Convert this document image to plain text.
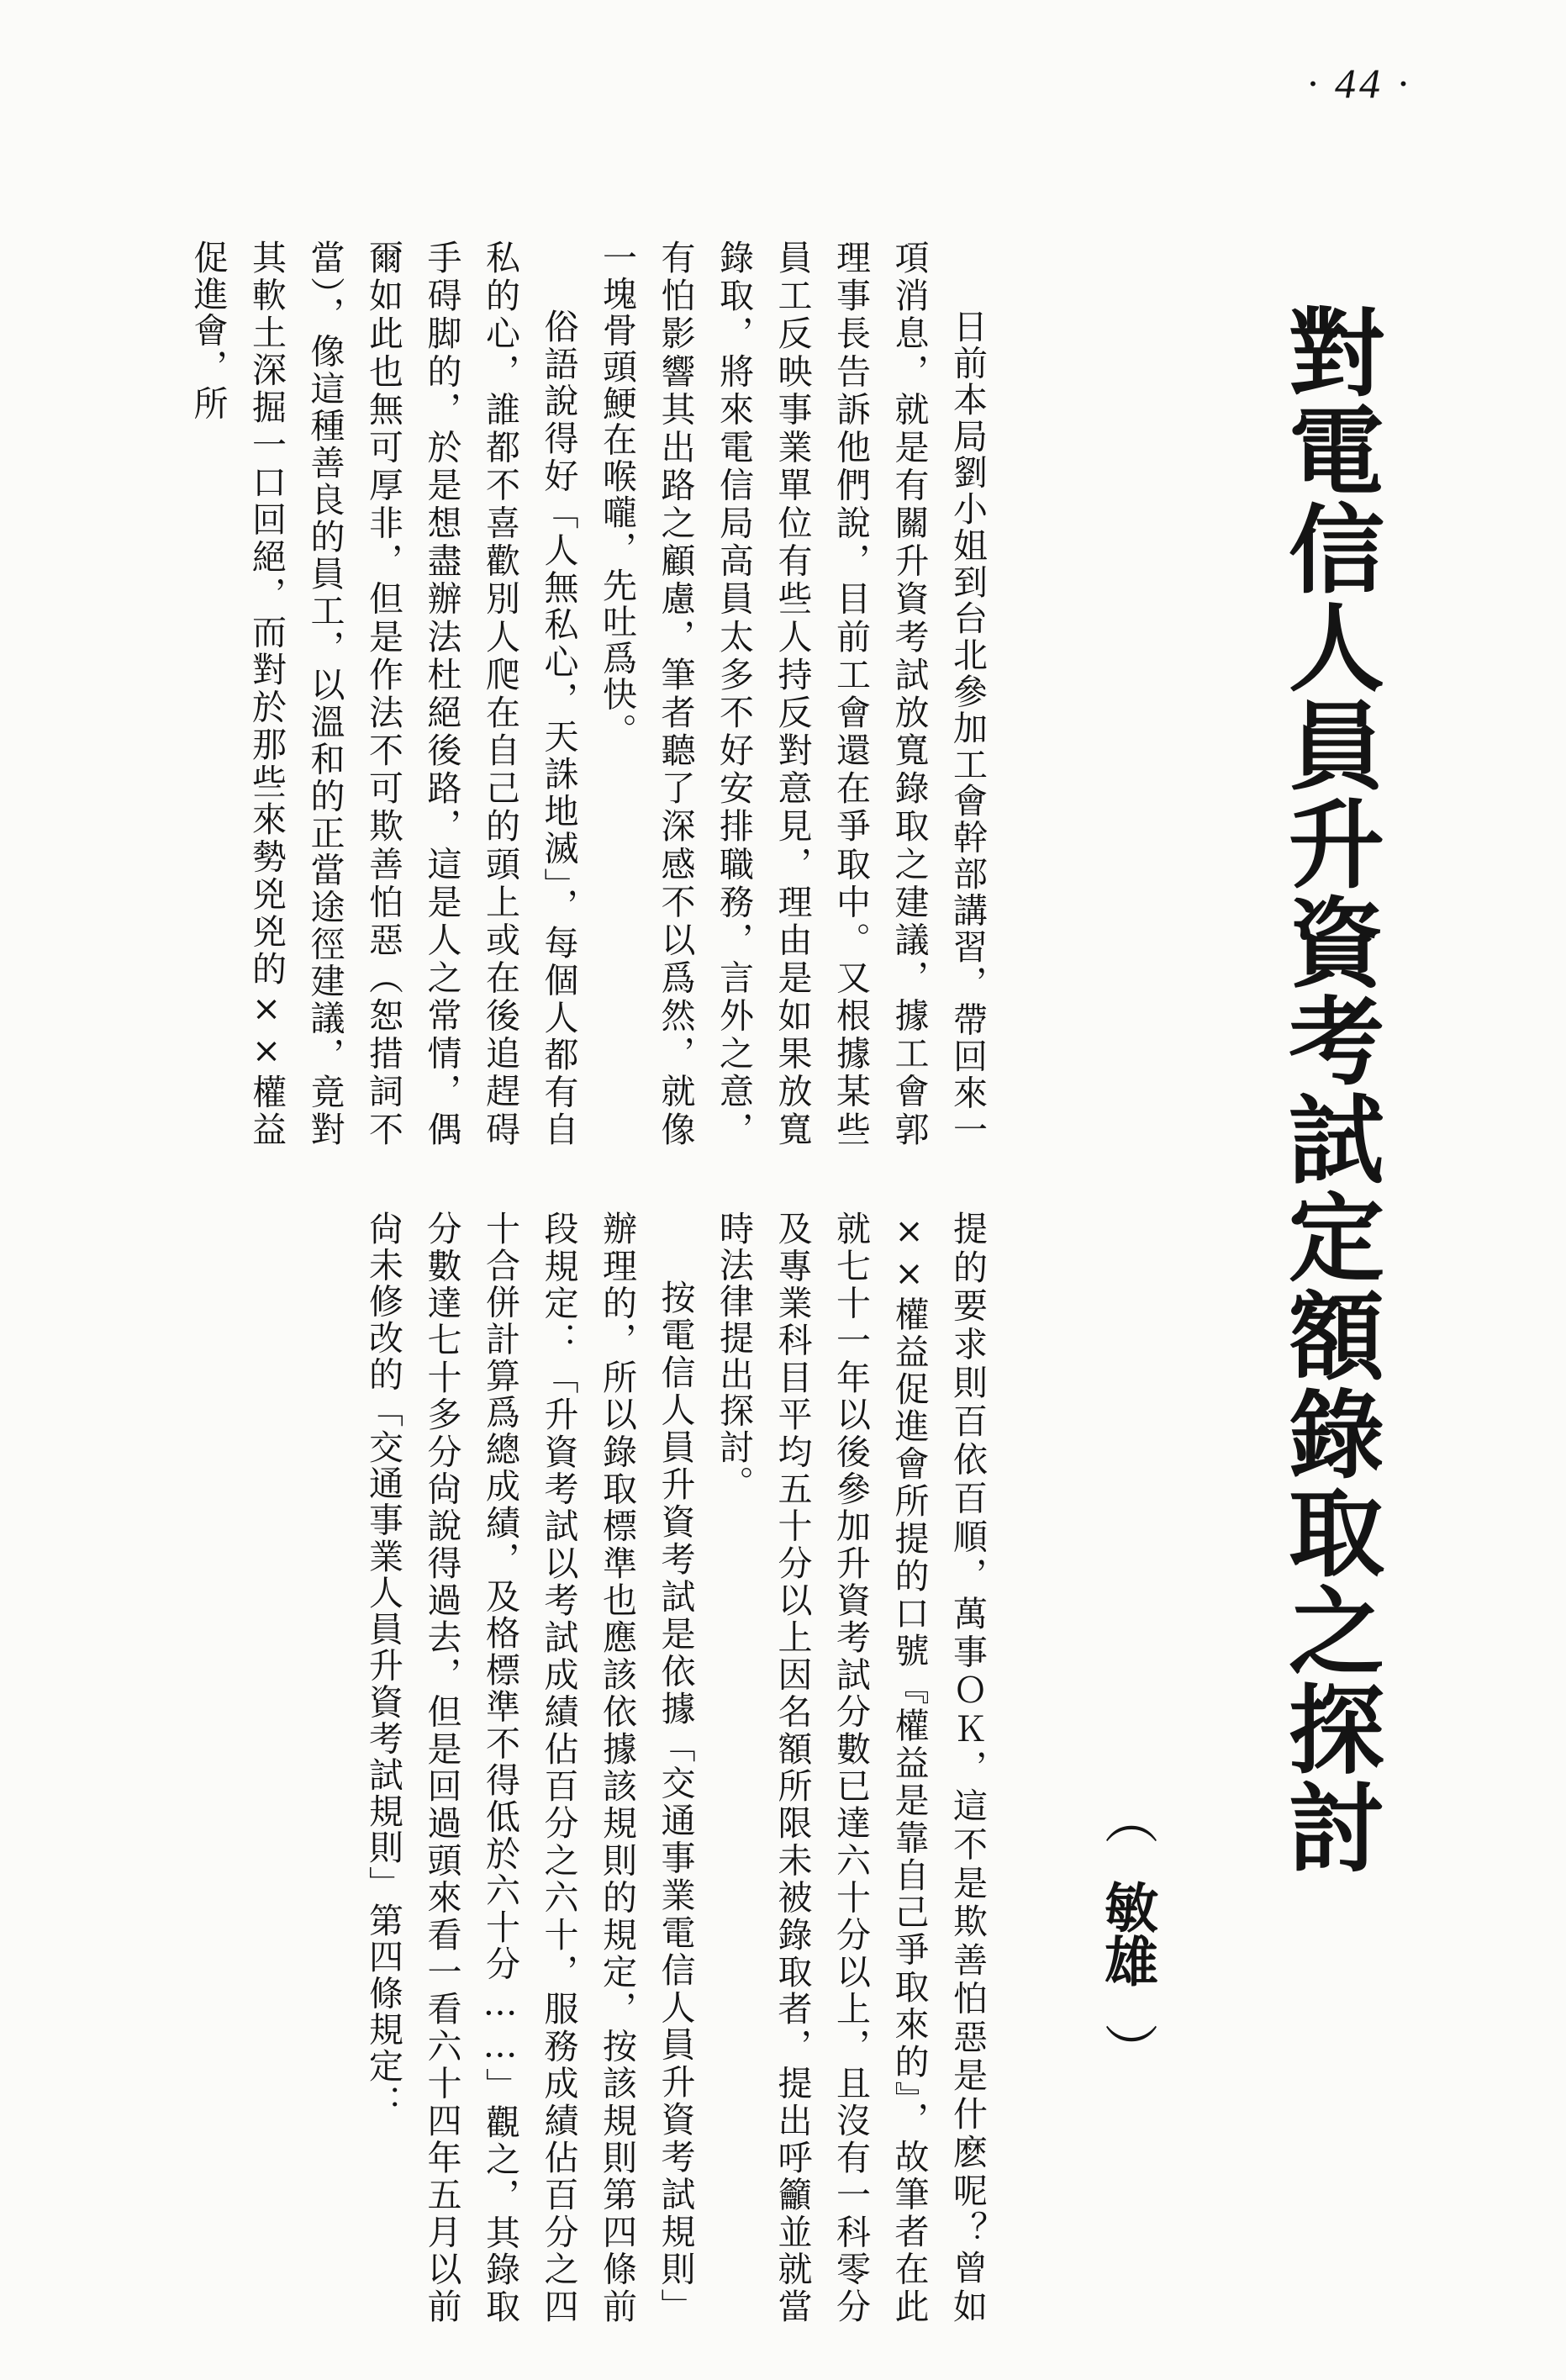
· 44 ·
對電信人員升資考試定額錄取之探討
（
敏雄
）

日前本局劉小姐到台北參加工會幹部講習，帶回來一項消息，就是有關升資考試放寬錄取之建議，據工會郭理事長告訴他們說，目前工會還在爭取中。又根據某些員工反映事業單位有些人持反對意見，理由是如果放寬錄取，將來電信局高員太多不好安排職務，言外之意，有怕影響其出路之顧慮，筆者聽了深感不以爲然，就像一塊骨頭鯁在喉嚨，先吐爲快。

俗語說得好「人無私心，天誅地滅」，每個人都有自私的心，誰都不喜歡別人爬在自己的頭上或在後追趕碍手碍脚的，於是想盡辦法杜絕後路，這是人之常情，偶爾如此也無可厚非，但是作法不可欺善怕惡（恕措詞不當），像這種善良的員工，以溫和的正當途徑建議，竟對其軟土深掘一口回絕，而對於那些來勢兇兇的××權益促進會，所

提的要求則百依百順，萬事ＯＫ，這不是欺善怕惡是什麽呢？曾如××權益促進會所提的口號『權益是靠自己爭取來的』，故筆者在此就七十一年以後參加升資考試分數已達六十分以上，且沒有一科零分及專業科目平均五十分以上因名額所限未被錄取者，提出呼籲並就當時法律提出探討。

按電信人員升資考試是依據「交通事業電信人員升資考試規則」辦理的，所以錄取標準也應該依據該規則的規定，按該規則第四條前段規定：「升資考試以考試成績佔百分之六十，服務成績佔百分之四十合併計算爲總成績，及格標準不得低於六十分……」觀之，其錄取分數達七十多分尙說得過去，但是回過頭來看一看六十四年五月以前尙未修改的「交通事業人員升資考試規則」第四條規定：
